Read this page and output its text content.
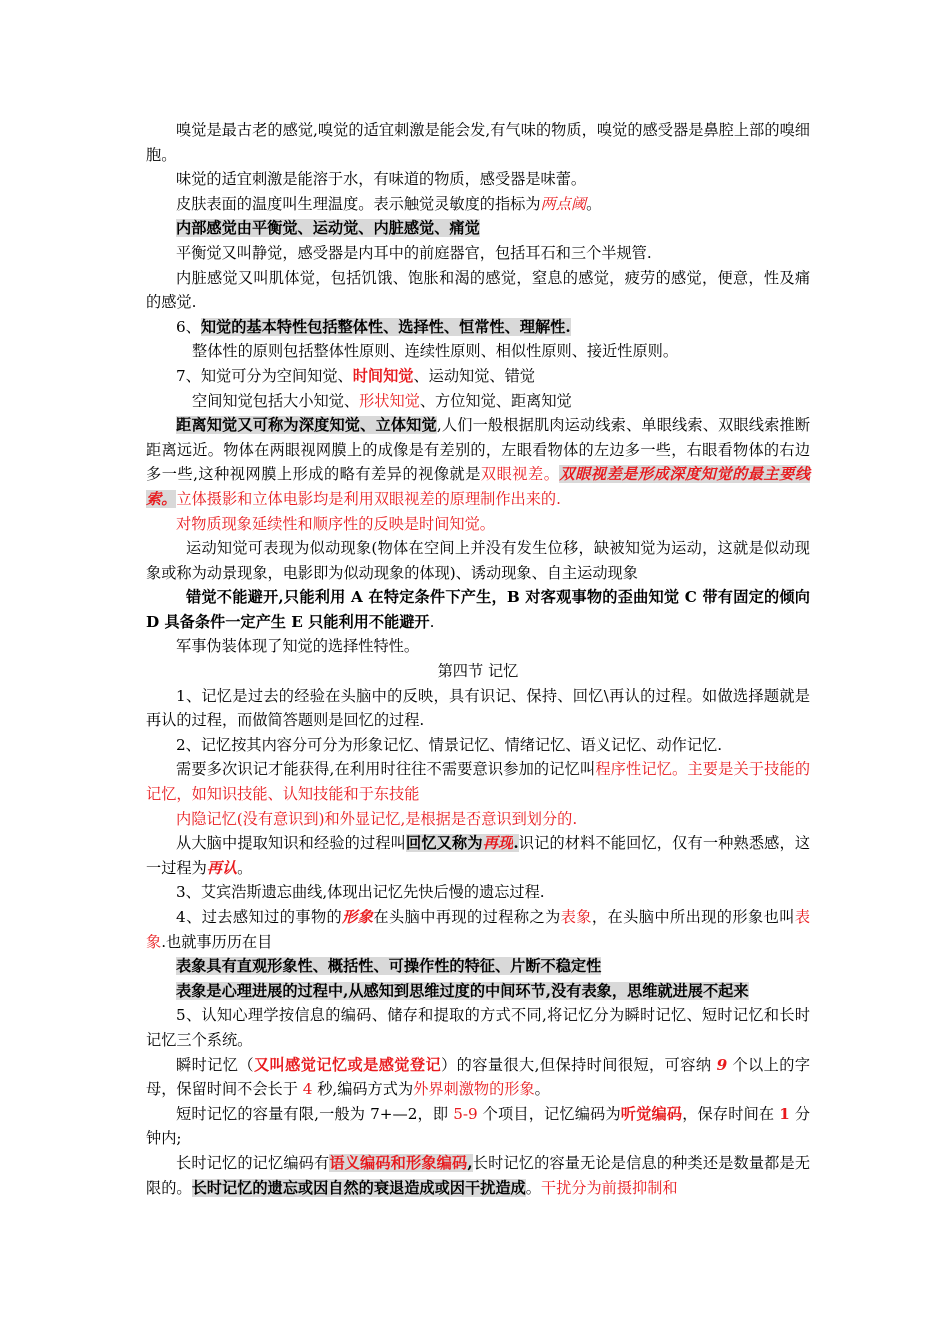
嗅觉是最古老的感觉,嗅觉的适宜刺激是能会发,有气味的物质，嗅觉的感受器是鼻腔上部的嗅细胞。
味觉的适宜刺激是能溶于水，有味道的物质，感受器是味蕾。
皮肤表面的温度叫生理温度。表示触觉灵敏度的指标为两点阈。
内部感觉由平衡觉、运动觉、内脏感觉、痛觉
平衡觉又叫静觉，感受器是内耳中的前庭器官，包括耳石和三个半规管.
内脏感觉又叫肌体觉，包括饥饿、饱胀和渴的感觉，窒息的感觉，疲劳的感觉，便意，性及痛的感觉.
6、知觉的基本特性包括整体性、选择性、恒常性、理解性.
整体性的原则包括整体性原则、连续性原则、相似性原则、接近性原则。
7、知觉可分为空间知觉、时间知觉、运动知觉、错觉
空间知觉包括大小知觉、形状知觉、方位知觉、距离知觉
距离知觉又可称为深度知觉、立体知觉,人们一般根据肌肉运动线索、单眼线索、双眼线索推断距离远近。物体在两眼视网膜上的成像是有差别的，左眼看物体的左边多一些，右眼看物体的右边多一些,这种视网膜上形成的略有差异的视像就是双眼视差。双眼视差是形成深度知觉的最主要线索。立体摄影和立体电影均是利用双眼视差的原理制作出来的.
对物质现象延续性和顺序性的反映是时间知觉。
运动知觉可表现为似动现象(物体在空间上并没有发生位移，缺被知觉为运动，这就是似动现象或称为动景现象，电影即为似动现象的体现)、诱动现象、自主运动现象
错觉不能避开,只能利用 A 在特定条件下产生，B 对客观事物的歪曲知觉 C 带有固定的倾向 D 具备条件一定产生 E 只能利用不能避开.
军事伪装体现了知觉的选择性特性。
第四节 记忆
1、记忆是过去的经验在头脑中的反映，具有识记、保持、回忆\再认的过程。如做选择题就是再认的过程，而做简答题则是回忆的过程.
2、记忆按其内容分可分为形象记忆、情景记忆、情绪记忆、语义记忆、动作记忆.
需要多次识记才能获得,在利用时往往不需要意识参加的记忆叫程序性记忆。主要是关于技能的记忆，如知识技能、认知技能和于东技能
内隐记忆(没有意识到)和外显记忆,是根据是否意识到划分的.
从大脑中提取知识和经验的过程叫回忆又称为再现.识记的材料不能回忆，仅有一种熟悉感，这一过程为再认。
3、艾宾浩斯遗忘曲线,体现出记忆先快后慢的遗忘过程.
4、过去感知过的事物的形象在头脑中再现的过程称之为表象，在头脑中所出现的形象也叫表象.也就事历历在目
表象具有直观形象性、概括性、可操作性的特征、片断不稳定性
表象是心理进展的过程中,从感知到思维过度的中间环节,没有表象，思维就进展不起来
5、认知心理学按信息的编码、储存和提取的方式不同,将记忆分为瞬时记忆、短时记忆和长时记忆三个系统。
瞬时记忆（又叫感觉记忆或是感觉登记）的容量很大,但保持时间很短，可容纳 9 个以上的字母，保留时间不会长于 4 秒,编码方式为外界刺激物的形象。
短时记忆的容量有限,一般为 7+—2，即 5-9 个项目，记忆编码为听觉编码，保存时间在 1 分钟内;
长时记忆的记忆编码有语义编码和形象编码,长时记忆的容量无论是信息的种类还是数量都是无限的。长时记忆的遗忘或因自然的衰退造成或因干扰造成。干扰分为前摄抑制和
